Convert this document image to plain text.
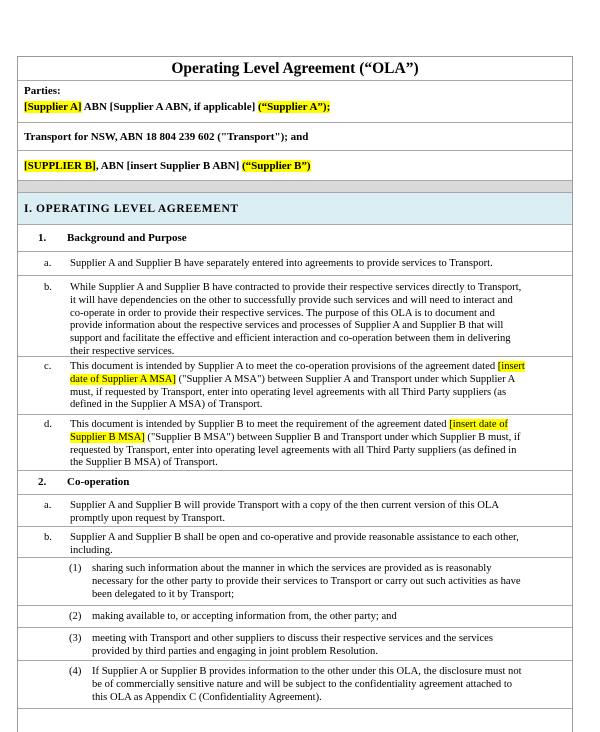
Operating Level Agreement (“OLA”)
Parties:
[Supplier A] ABN [Supplier A ABN, if applicable] (“Supplier A”);
Transport for NSW, ABN 18 804 239 602 ("Transport"); and
[SUPPLIER B], ABN [insert Supplier B ABN] (“Supplier B”)
I. OPERATING LEVEL AGREEMENT
1. Background and Purpose
a. Supplier A and Supplier B have separately entered into agreements to provide services to Transport.
b. While Supplier A and Supplier B have contracted to provide their respective services directly to Transport,
it will have dependencies on the other to successfully provide such services and will need to interact and
co-operate in order to provide their respective services. The purpose of this OLA is to document and
provide information about the respective services and processes of Supplier A and Supplier B that will
support and facilitate the effective and efficient interaction and co-operation between them in delivering
their respective services.
c. This document is intended by Supplier A to meet the co-operation provisions of the agreement dated [insert
date of Supplier A MSA] ("Supplier A MSA") between Supplier A and Transport under which Supplier A
must, if requested by Transport, enter into operating level agreements with all Third Party suppliers (as
defined in the Supplier A MSA) of Transport.
d. This document is intended by Supplier B to meet the requirement of the agreement dated [insert date of
Supplier B MSA] ("Supplier B MSA") between Supplier B and Transport under which Supplier B must, if
requested by Transport, enter into operating level agreements with all Third Party suppliers (as defined in
the Supplier B MSA) of Transport.
2. Co-operation
a. Supplier A and Supplier B will provide Transport with a copy of the then current version of this OLA
promptly upon request by Transport.
b. Supplier A and Supplier B shall be open and co-operative and provide reasonable assistance to each other,
including.
(1) sharing such information about the manner in which the services are provided as is reasonably
necessary for the other party to provide their services to Transport or carry out such activities as have
been delegated to it by Transport;
(2) making available to, or accepting information from, the other party; and
(3) meeting with Transport and other suppliers to discuss their respective services and the services
provided by third parties and engaging in joint problem Resolution.
(4) If Supplier A or Supplier B provides information to the other under this OLA, the disclosure must not
be of commercially sensitive nature and will be subject to the confidentiality agreement attached to
this OLA as Appendix C (Confidentiality Agreement).
